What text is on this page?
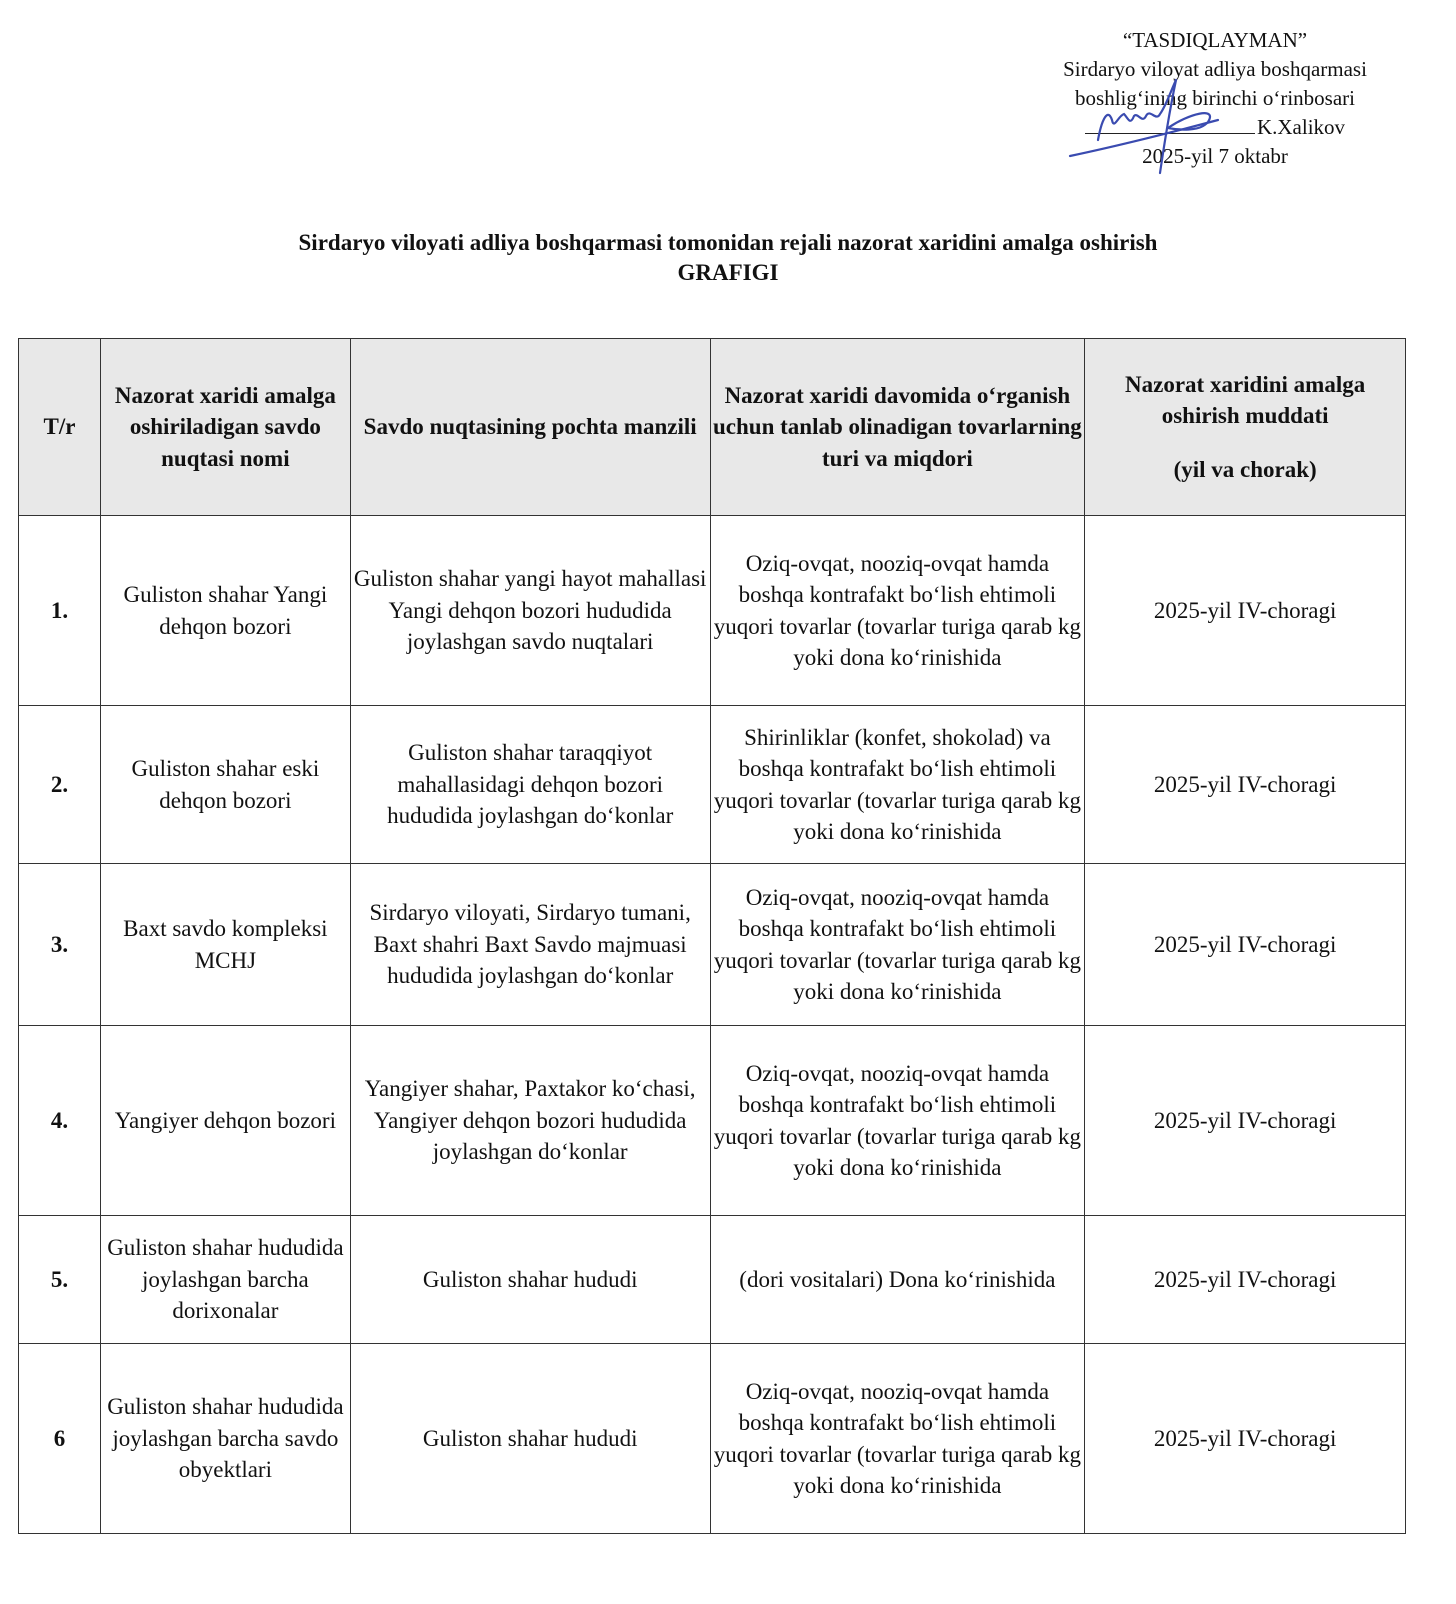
“TASDIQLAYMAN”
Sirdaryo viloyat adliya boshqarmasi
boshlig‘ining birinchi o‘rinbosari
K.Xalikov
2025-yil 7 oktabr
Sirdaryo viloyati adliya boshqarmasi tomonidan rejali nazorat xaridini amalga oshirish
GRAFIGI
T/r	Nazorat xaridi amalga oshiriladigan savdo nuqtasi nomi	Savdo nuqtasining pochta manzili	Nazorat xaridi davomida o‘rganish uchun tanlab olinadigan tovarlarning turi va miqdori	Nazorat xaridini amalga oshirish muddati
(yil va chorak)

1.	Guliston shahar Yangi dehqon bozori	Guliston shahar yangi hayot mahallasi Yangi dehqon bozori hududida joylashgan savdo nuqtalari	Oziq-ovqat, nooziq-ovqat hamda boshqa kontrafakt bo‘lish ehtimoli yuqori tovarlar (tovarlar turiga qarab kg yoki dona ko‘rinishida	2025-yil IV-choragi
2.	Guliston shahar eski dehqon bozori	Guliston shahar taraqqiyot mahallasidagi dehqon bozori hududida joylashgan do‘konlar	Shirinliklar (konfet, shokolad) va boshqa kontrafakt bo‘lish ehtimoli yuqori tovarlar (tovarlar turiga qarab kg yoki dona ko‘rinishida	2025-yil IV-choragi
3.	Baxt savdo kompleksi MCHJ	Sirdaryo viloyati, Sirdaryo tumani, Baxt shahri Baxt Savdo majmuasi hududida joylashgan do‘konlar	Oziq-ovqat, nooziq-ovqat hamda boshqa kontrafakt bo‘lish ehtimoli yuqori tovarlar (tovarlar turiga qarab kg yoki dona ko‘rinishida	2025-yil IV-choragi
4.	Yangiyer dehqon bozori	Yangiyer shahar, Paxtakor ko‘chasi, Yangiyer dehqon bozori hududida joylashgan do‘konlar	Oziq-ovqat, nooziq-ovqat hamda boshqa kontrafakt bo‘lish ehtimoli yuqori tovarlar (tovarlar turiga qarab kg yoki dona ko‘rinishida	2025-yil IV-choragi
5.	Guliston shahar hududida joylashgan barcha dorixonalar	Guliston shahar hududi	(dori vositalari) Dona ko‘rinishida	2025-yil IV-choragi
6	Guliston shahar hududida joylashgan barcha savdo obyektlari	Guliston shahar hududi	Oziq-ovqat, nooziq-ovqat hamda boshqa kontrafakt bo‘lish ehtimoli yuqori tovarlar (tovarlar turiga qarab kg yoki dona ko‘rinishida	2025-yil IV-choragi
